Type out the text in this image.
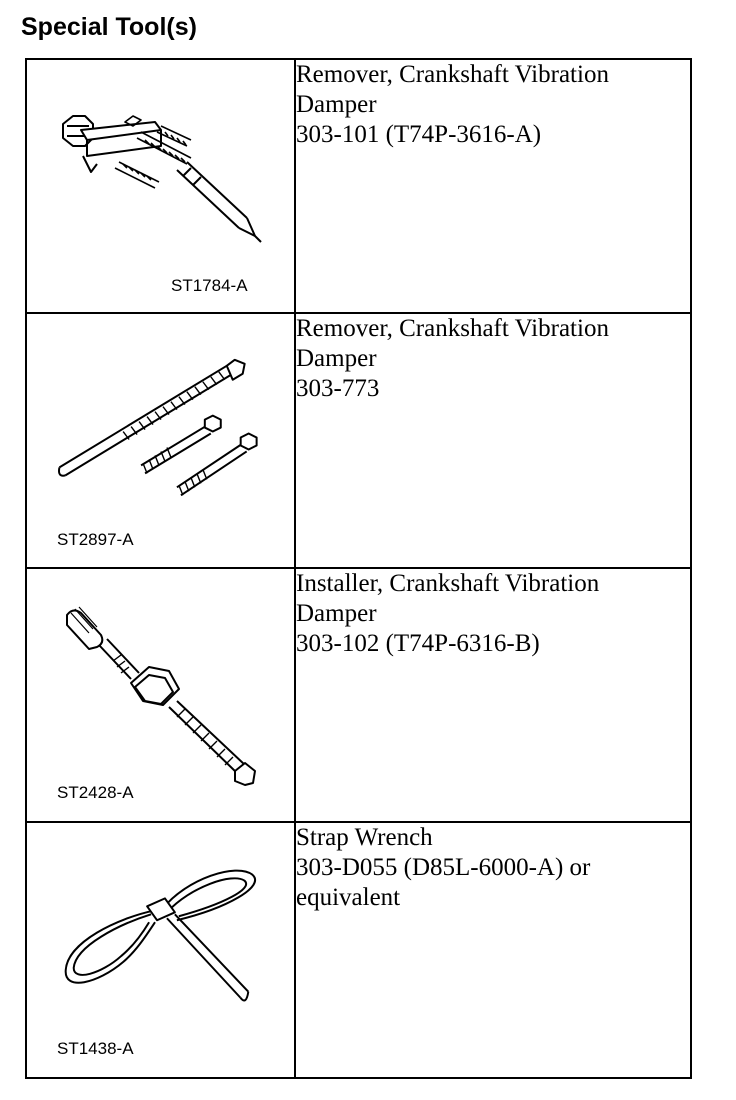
Special Tool(s)
ST1784-A	Remover, Crankshaft Vibration
Damper
303-101 (T74P-3616-A)

ST2897-A	Remover, Crankshaft Vibration
Damper
303-773

ST2428-A	Installer, Crankshaft Vibration
Damper
303-102 (T74P-6316-B)

ST1438-A	Strap Wrench
303-D055 (D85L-6000-A) or
equivalent
